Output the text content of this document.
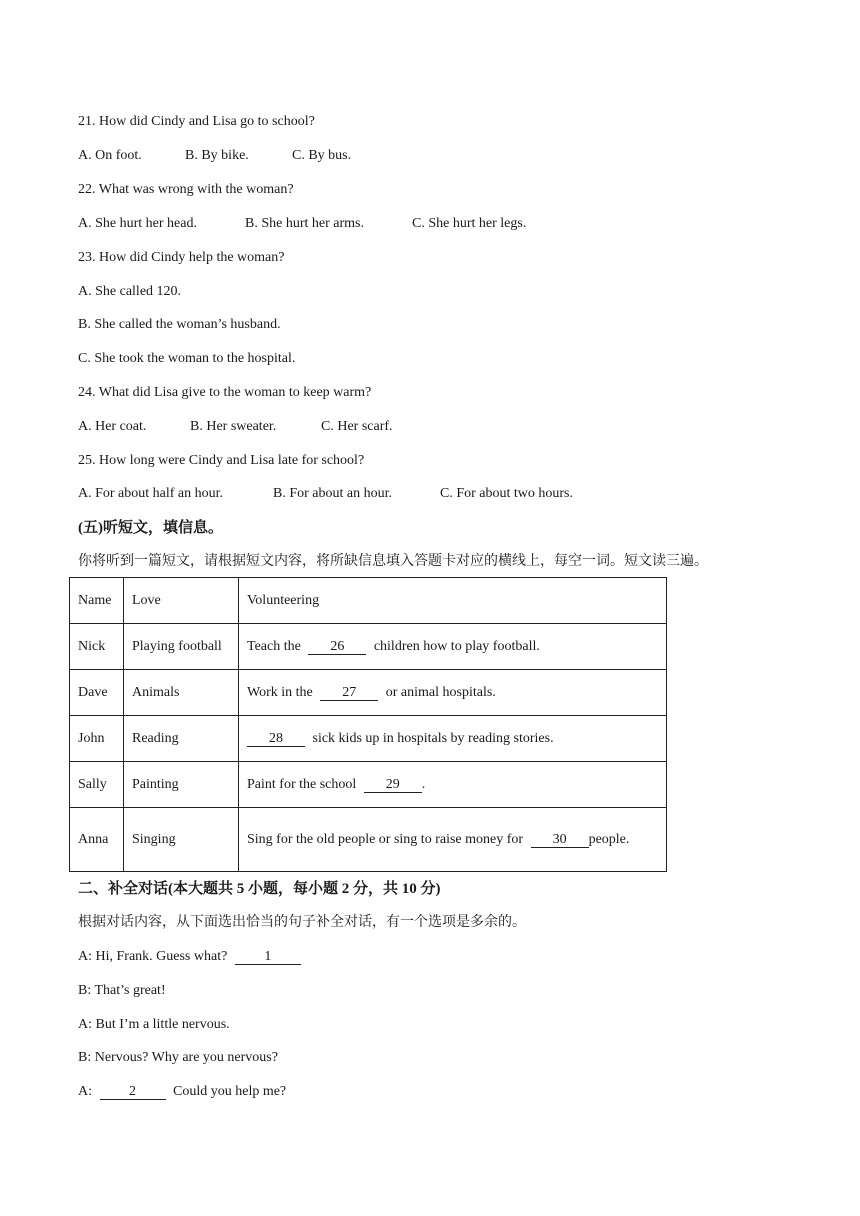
21. How did Cindy and Lisa go to school?
A. On foot.	B. By bike.	C. By bus.
22. What was wrong with the woman?
A. She hurt her head.	B. She hurt her arms.	C. She hurt her legs.
23. How did Cindy help the woman?
A. She called 120.
B. She called the woman’s husband.
C. She took the woman to the hospital.
24. What did Lisa give to the woman to keep warm?
A. Her coat.	B. Her sweater.	C. Her scarf.
25. How long were Cindy and Lisa late for school?
A. For about half an hour.	B. For about an hour.	C. For about two hours.
(五)听短文，填信息。
你将听到一篇短文，请根据短文内容，将所缺信息填入答题卡对应的横线上，每空一词。短文读三遍。
Name	Love	Volunteering
Nick	Playing football	Teach the 26 children how to play football.
Dave	Animals	Work in the 27 or animal hospitals.
John	Reading	28 sick kids up in hospitals by reading stories.
Sally	Painting	Paint for the school 29 .
Anna	Singing	Sing for the old people or sing to raise money for 30 people.
二、补全对话(本大题共 5 小题，每小题 2 分，共 10 分)
根据对话内容，从下面选出恰当的句子补全对话，有一个选项是多余的。
A: Hi, Frank. Guess what?	1
B: That’s great!
A: But I’m a little nervous.
B: Nervous? Why are you nervous?
A:	2	Could you help me?
